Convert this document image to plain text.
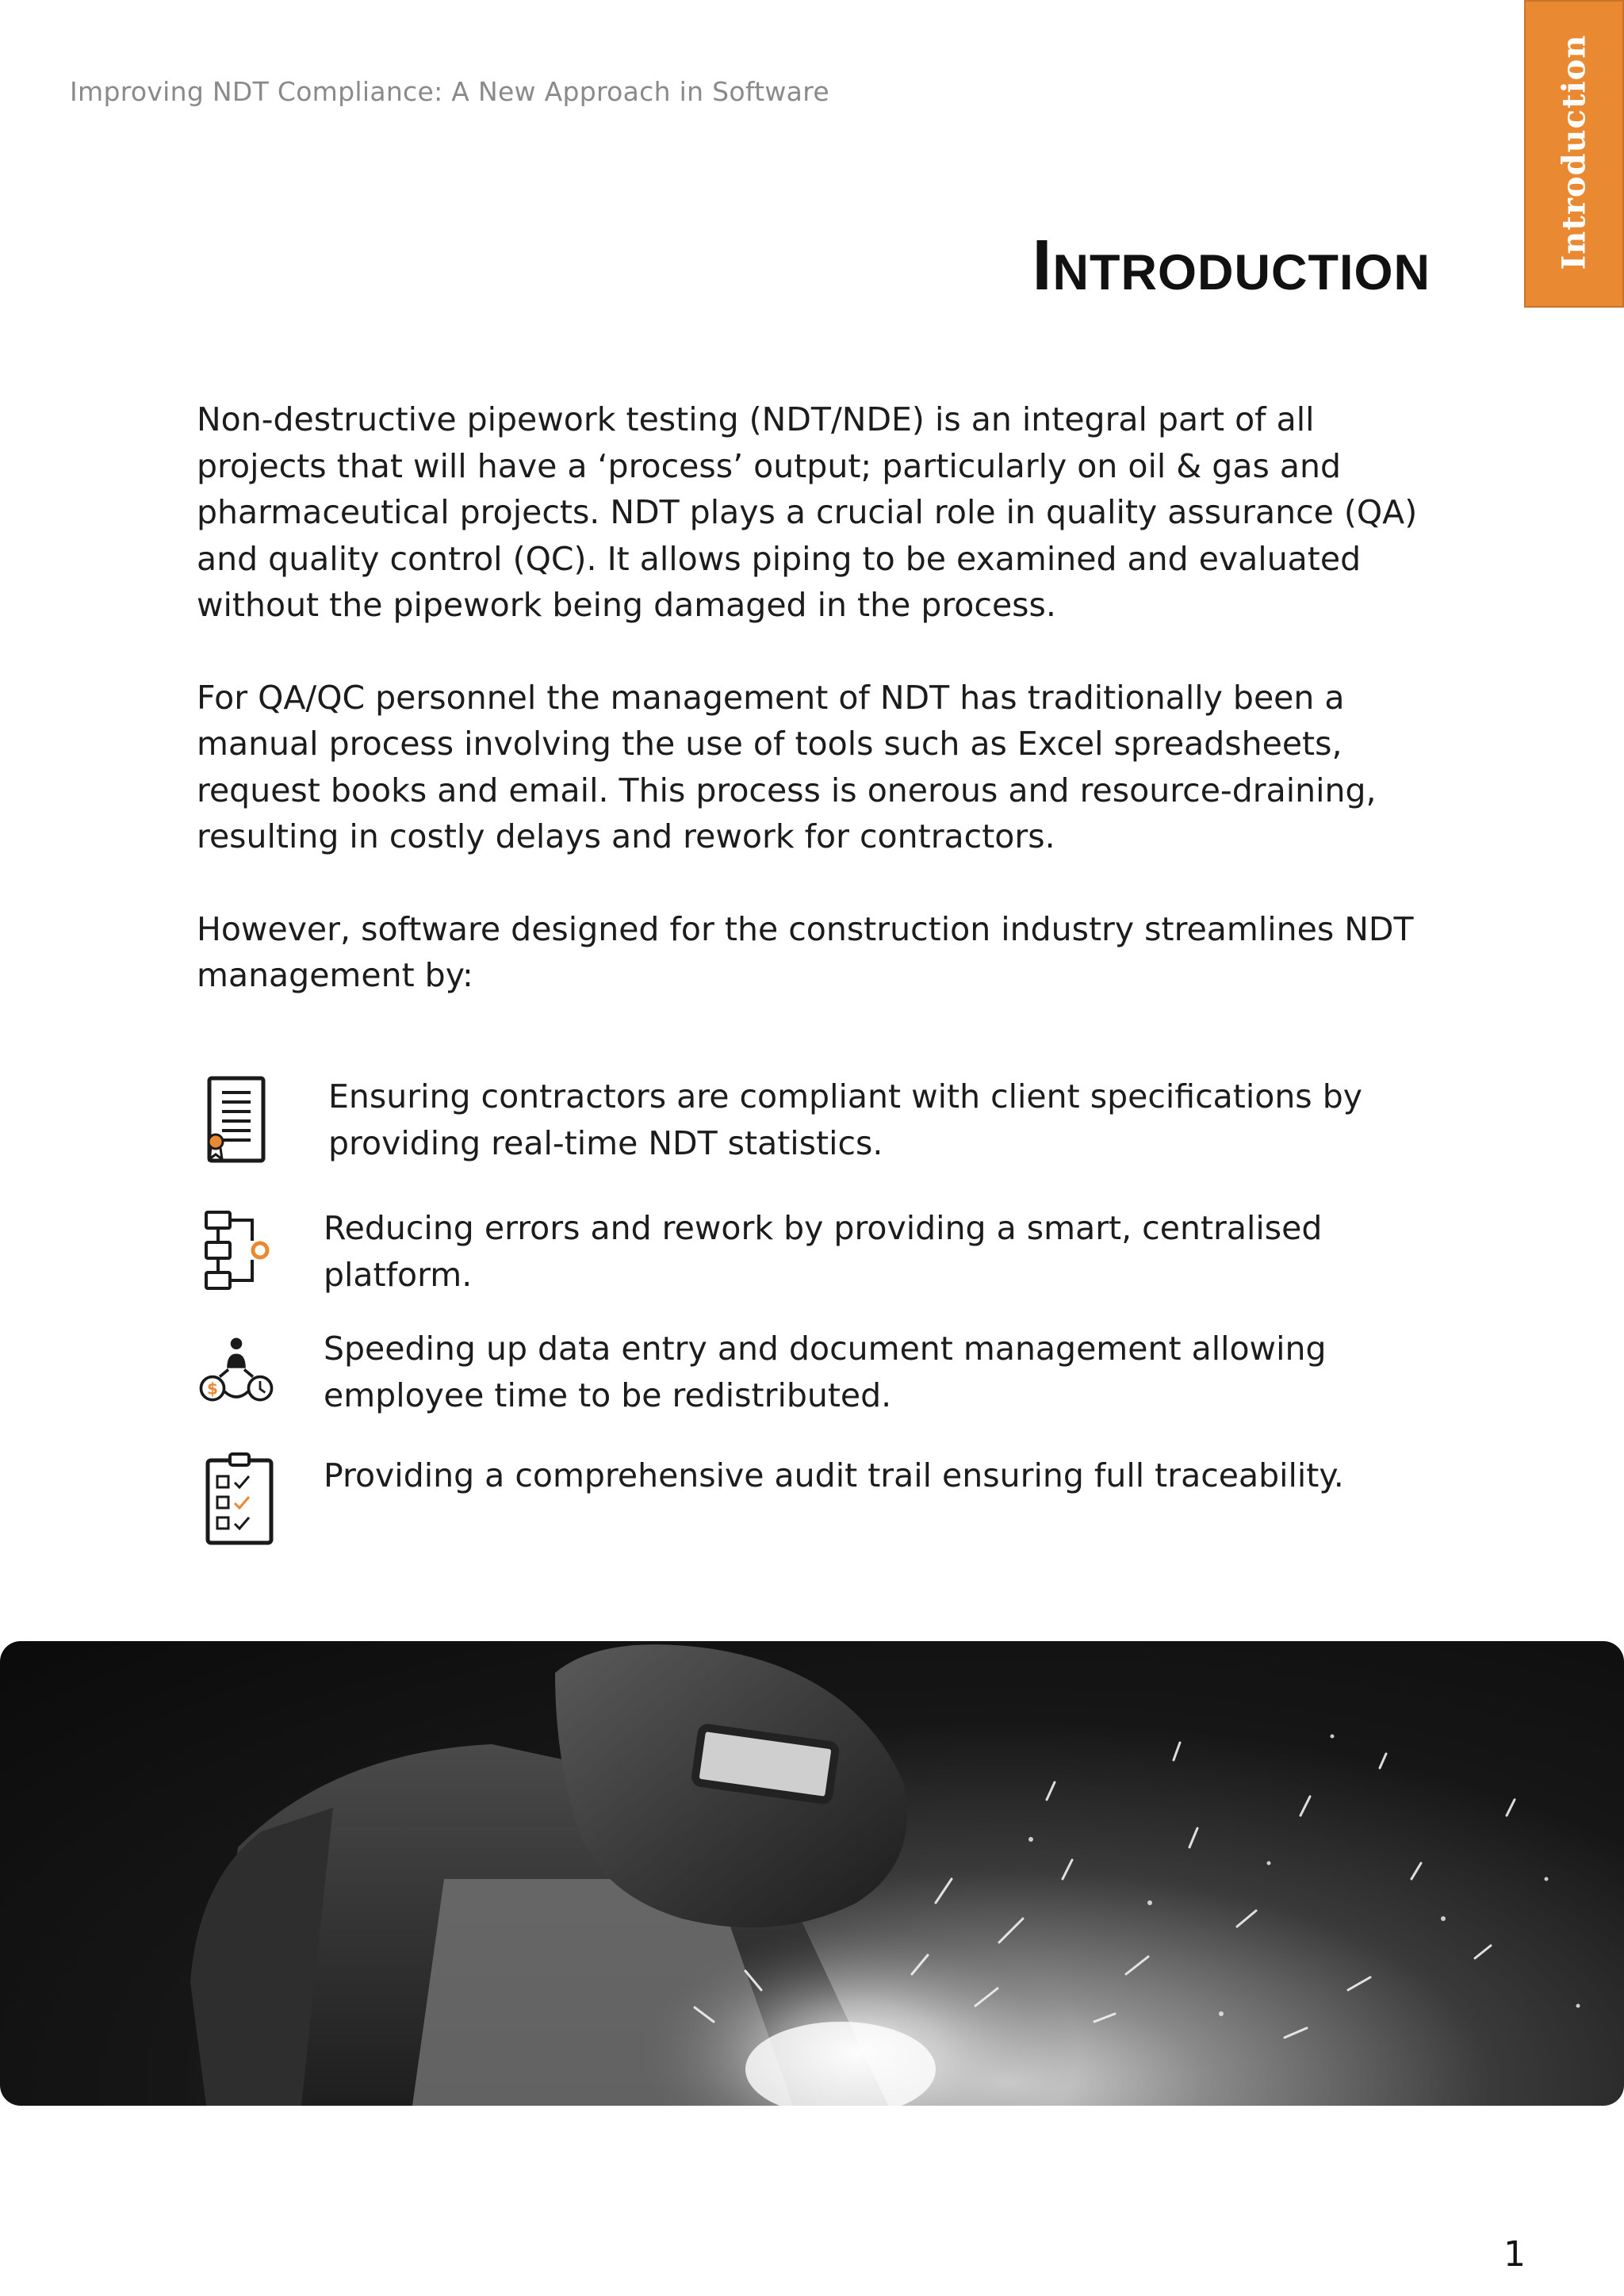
Improving NDT Compliance: A New Approach in Software	Introduction
Introduction

Non-destructive pipework testing (NDT/NDE) is an integral part of all projects that will have a ‘process’ output; particularly on oil & gas and pharmaceutical projects. NDT plays a crucial role in quality assurance (QA) and quality control (QC). It allows piping to be examined and evaluated without the pipework being damaged in the process.

For QA/QC personnel the management of NDT has traditionally been a manual process involving the use of tools such as Excel spreadsheets, request books and email. This process is onerous and resource-draining, resulting in costly delays and rework for contractors.

However, software designed for the construction industry streamlines NDT management by:

Ensuring contractors are compliant with client specifications by providing real-time NDT statistics.
Reducing errors and rework by providing a smart, centralised platform.
$
Speeding up data entry and document management allowing employee time to be redistributed.
Providing a comprehensive audit trail ensuring full traceability.
1
